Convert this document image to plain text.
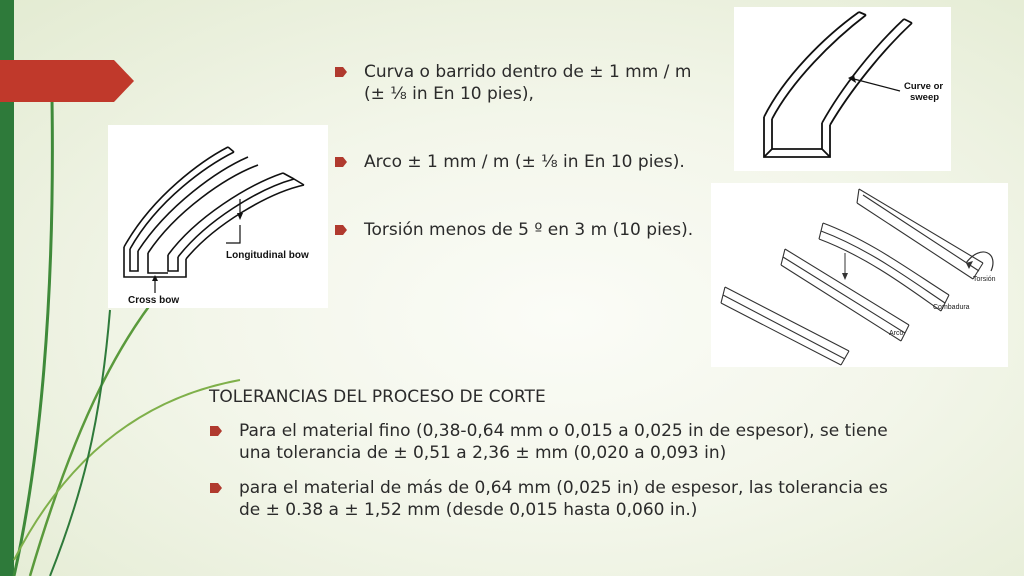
Curva o barrido dentro de ± 1 mm / m
(± ⅛ in En 10 pies),
Arco ± 1 mm / m (± ⅛ in En 10 pies).
Torsión menos de 5 º en 3 m (10 pies).
TOLERANCIAS DEL PROCESO DE CORTE
Para el material fino (0,38-0,64 mm o 0,015 a 0,025 in de espesor), se tiene
una tolerancia de ± 0,51 a 2,36 ± mm (0,020 a 0,093 in)
para el material de más de 0,64 mm (0,025 in) de espesor, las tolerancia es
de ± 0.38 a ± 1,52 mm (desde 0,015 hasta 0,060 in.)
Longitudinal bow
Cross bow
Curve or
sweep
Torsión
Combadura
Arco
